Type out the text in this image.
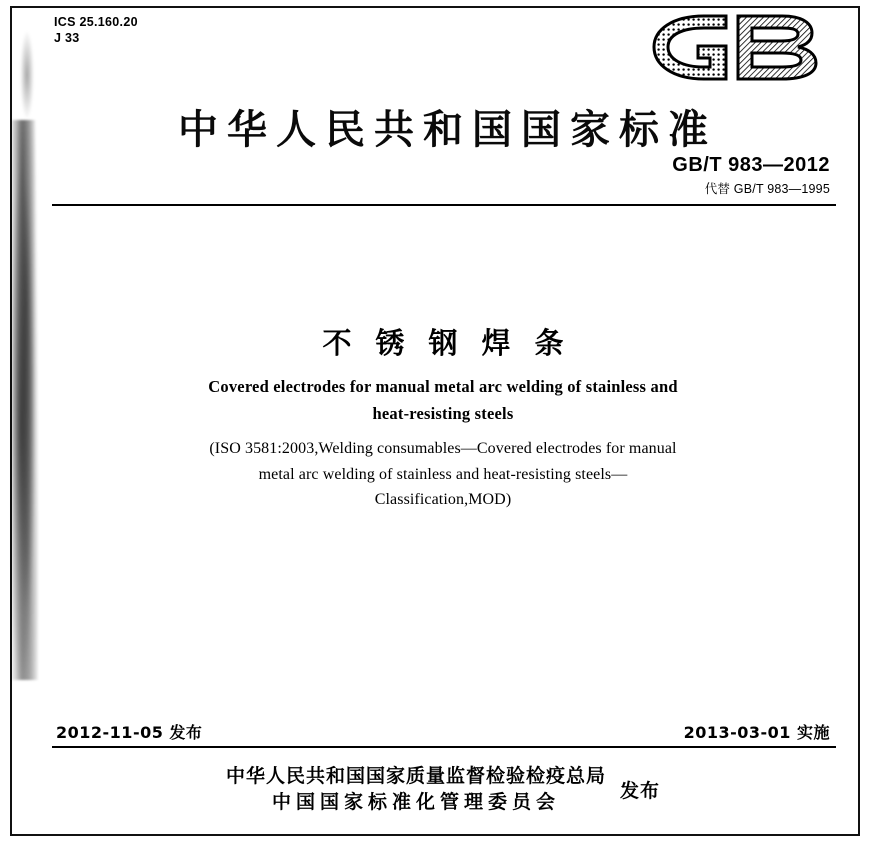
ICS 25.160.20
J 33
中华人民共和国国家标准
GB/T 983—2012
代替 GB/T 983—1995
不锈钢焊条
Covered electrodes for manual metal arc welding of stainless and
heat-resisting steels
(ISO 3581:2003,Welding consumables—Covered electrodes for manual
metal arc welding of stainless and heat-resisting steels—
Classification,MOD)
2012-11-05 发布	2013-03-01 实施
中华人民共和国国家质量监督检验检疫总局
中国国家标准化管理委员会	发布
